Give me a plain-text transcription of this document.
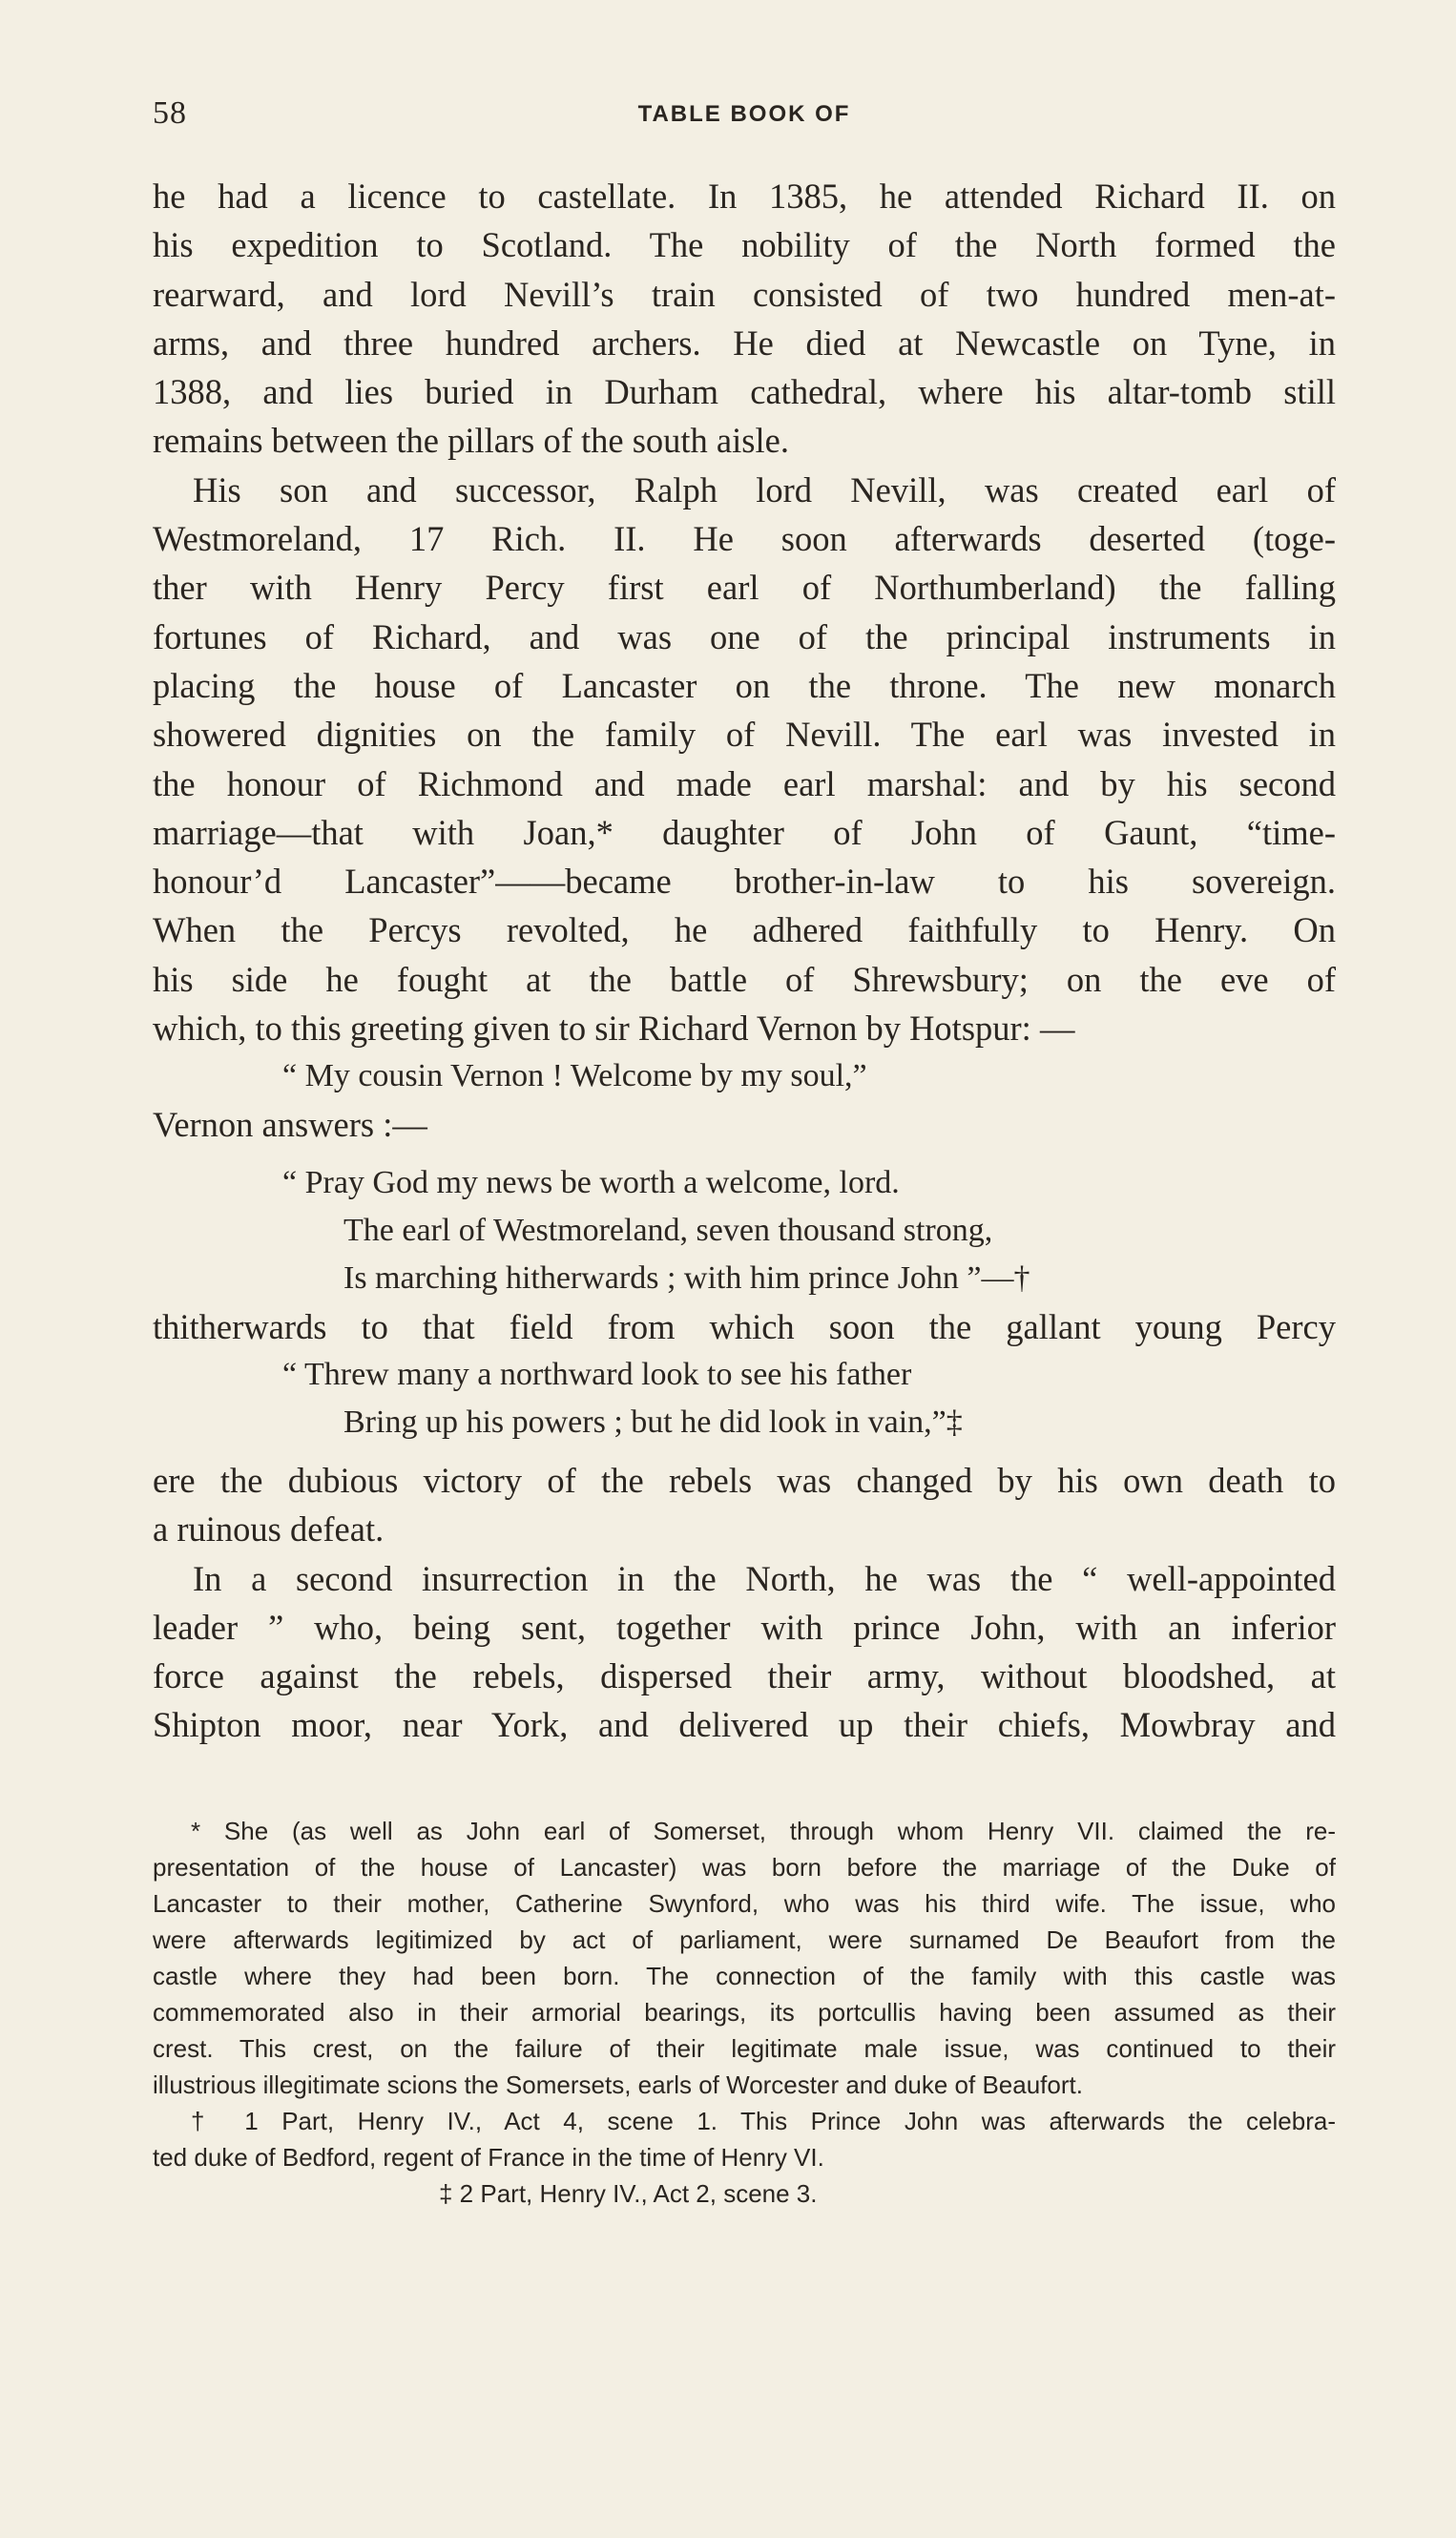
58	TABLE BOOK OF
he had a licence to castellate. In 1385, he attended Richard II. on
his expedition to Scotland. The nobility of the North formed the
rearward, and lord Nevill’s train consisted of two hundred men-at-
arms, and three hundred archers. He died at Newcastle on Tyne, in
1388, and lies buried in Durham cathedral, where his altar-tomb still
remains between the pillars of the south aisle.
His son and successor, Ralph lord Nevill, was created earl of
Westmoreland, 17 Rich. II. He soon afterwards deserted (toge-
ther with Henry Percy first earl of Northumberland) the falling
fortunes of Richard, and was one of the principal instruments in
placing the house of Lancaster on the throne. The new monarch
showered dignities on the family of Nevill. The earl was invested in
the honour of Richmond and made earl marshal: and by his second
marriage—that with Joan,* daughter of John of Gaunt, “time-
honour’d Lancaster”——became brother-in-law to his sovereign.
When the Percys revolted, he adhered faithfully to Henry. On
his side he fought at the battle of Shrewsbury; on the eve of
which, to this greeting given to sir Richard Vernon by Hotspur: —
“ My cousin Vernon ! Welcome by my soul,”
Vernon answers :—
“ Pray God my news be worth a welcome, lord.
The earl of Westmoreland, seven thousand strong,
Is marching hitherwards ; with him prince John ”—†
thitherwards to that field from which soon the gallant young Percy
“ Threw many a northward look to see his father
Bring up his powers ; but he did look in vain,”‡
ere the dubious victory of the rebels was changed by his own death to
a ruinous defeat.
In a second insurrection in the North, he was the “ well-appointed
leader ” who, being sent, together with prince John, with an inferior
force against the rebels, dispersed their army, without bloodshed, at
Shipton moor, near York, and delivered up their chiefs, Mowbray and
* She (as well as John earl of Somerset, through whom Henry VII. claimed the re-
presentation of the house of Lancaster) was born before the marriage of the Duke of
Lancaster to their mother, Catherine Swynford, who was his third wife. The issue, who
were afterwards legitimized by act of parliament, were surnamed De Beaufort from the
castle where they had been born. The connection of the family with this castle was
commemorated also in their armorial bearings, its portcullis having been assumed as their
crest. This crest, on the failure of their legitimate male issue, was continued to their
illustrious illegitimate scions the Somersets, earls of Worcester and duke of Beaufort.
† 1 Part, Henry IV., Act 4, scene 1. This Prince John was afterwards the celebra-
ted duke of Bedford, regent of France in the time of Henry VI.
‡ 2 Part, Henry IV., Act 2, scene 3.
